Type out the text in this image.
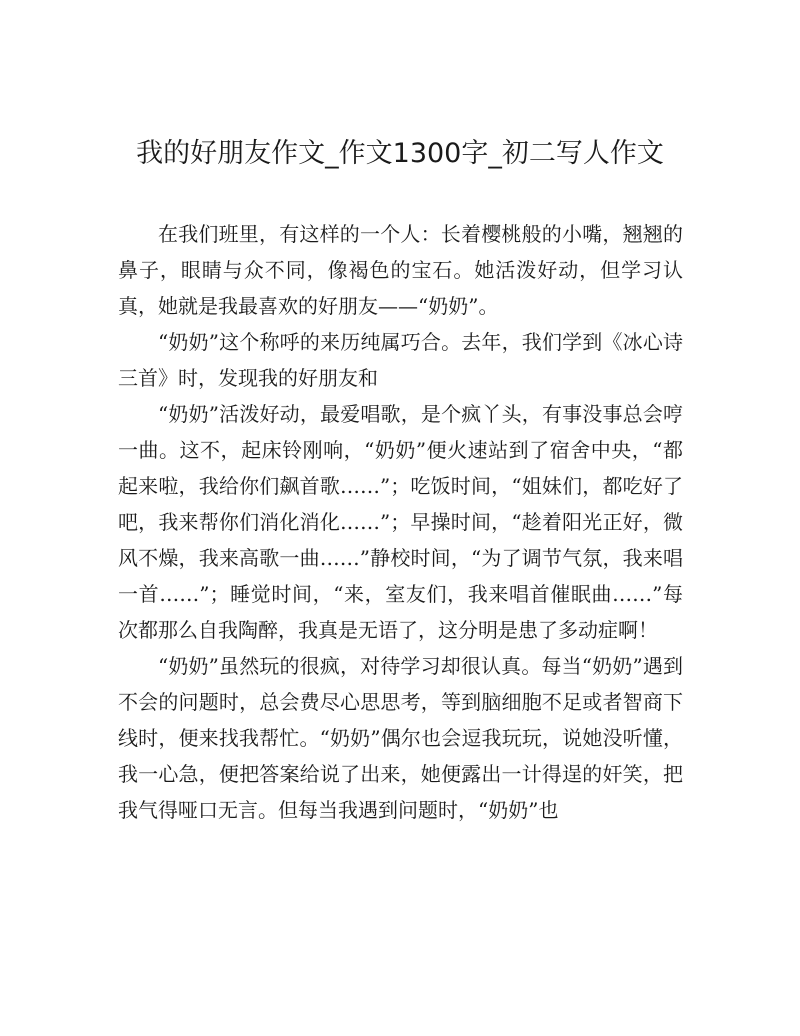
我的好朋友作文_作文1300字_初二写人作文

在我们班里，有这样的一个人：长着樱桃般的小嘴，翘翘的鼻子，眼睛与众不同，像褐色的宝石。她活泼好动，但学习认真，她就是我最喜欢的好朋友——“奶奶”。

“奶奶”这个称呼的来历纯属巧合。去年，我们学到《冰心诗三首》时，发现我的好朋友和

“奶奶”活泼好动，最爱唱歌，是个疯丫头，有事没事总会哼一曲。这不，起床铃刚响，“奶奶”便火速站到了宿舍中央，“都起来啦，我给你们飙首歌……”；吃饭时间，“姐妹们，都吃好了吧，我来帮你们消化消化……”；早操时间，“趁着阳光正好，微风不燥，我来高歌一曲……”静校时间，“为了调节气氛，我来唱一首……”；睡觉时间，“来，室友们，我来唱首催眠曲……”每次都那么自我陶醉，我真是无语了，这分明是患了多动症啊！

“奶奶”虽然玩的很疯，对待学习却很认真。每当“奶奶”遇到不会的问题时，总会费尽心思思考，等到脑细胞不足或者智商下线时，便来找我帮忙。“奶奶”偶尔也会逗我玩玩，说她没听懂，我一心急，便把答案给说了出来，她便露出一计得逞的奸笑，把我气得哑口无言。但每当我遇到问题时，“奶奶”也
